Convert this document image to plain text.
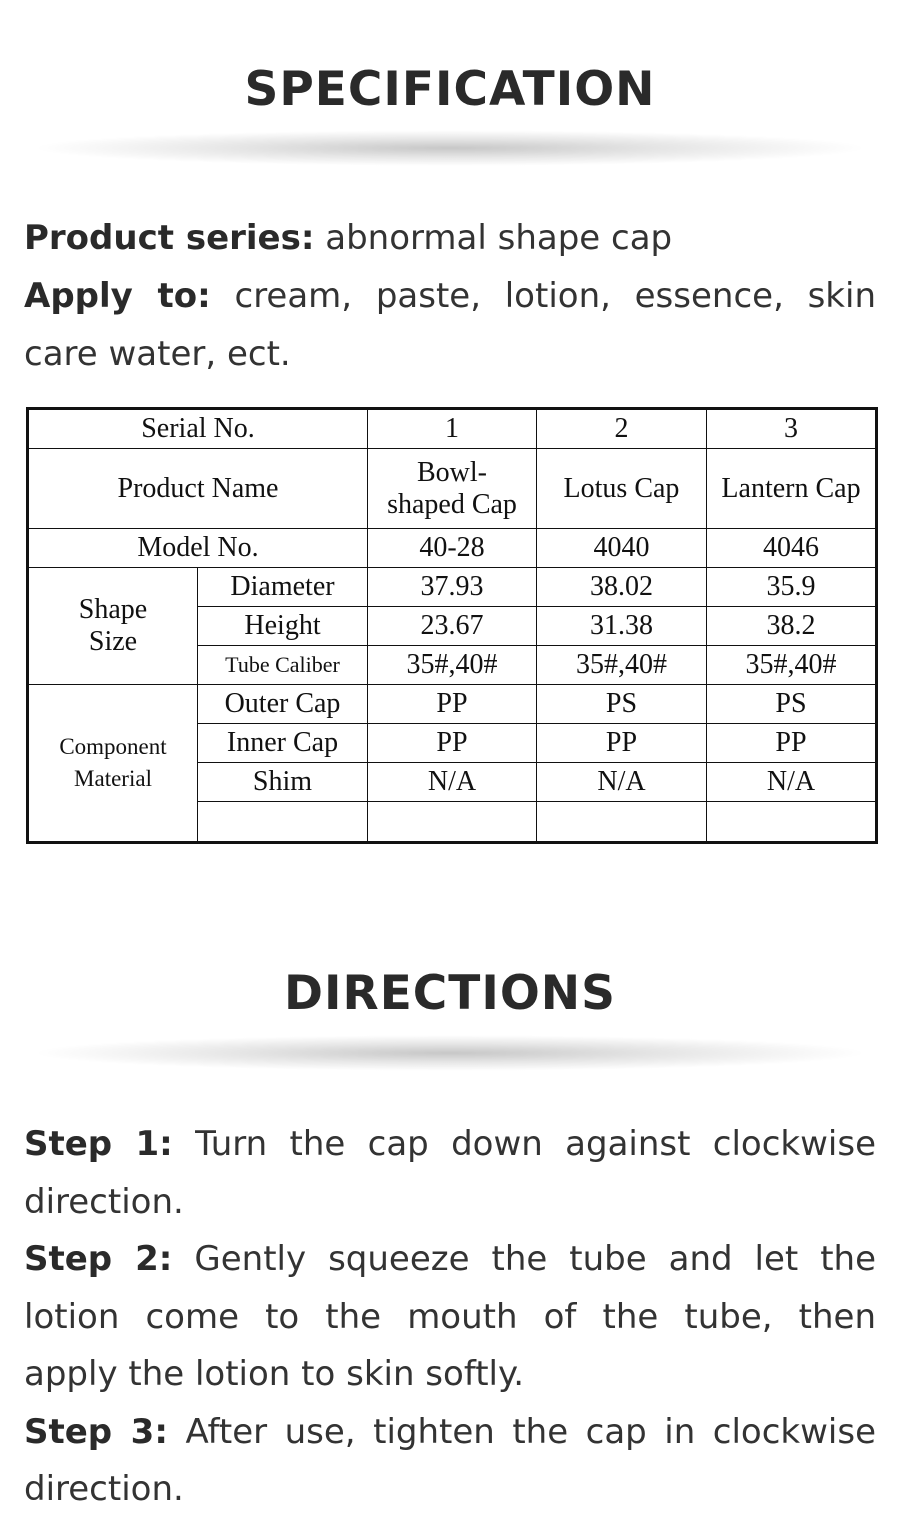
SPECIFICATION
Product series: abnormal shape cap
Apply to: cream, paste, lotion, essence, skin care water, ect.
Serial No.		1	2	3
Product Name		Bowl-
shaped Cap	Lotus Cap	Lantern Cap
Model No.		40-28	4040	4046

Shape
Size	Diameter	37.93	38.02	35.9
	Height	23.67	31.38	38.2
	Tube Caliber	35#,40#	35#,40#	35#,40#

Component
Material	Outer Cap	PP	PS	PS
	Inner Cap	PP	PP	PP
	Shim	N/A	N/A	N/A

DIRECTIONS
Step 1: Turn the cap down against clockwise
direction.
Step 2: Gently squeeze the tube and let the
lotion come to the mouth of the tube, then
apply the lotion to skin softly.
Step 3: After use, tighten the cap in clockwise
direction.
